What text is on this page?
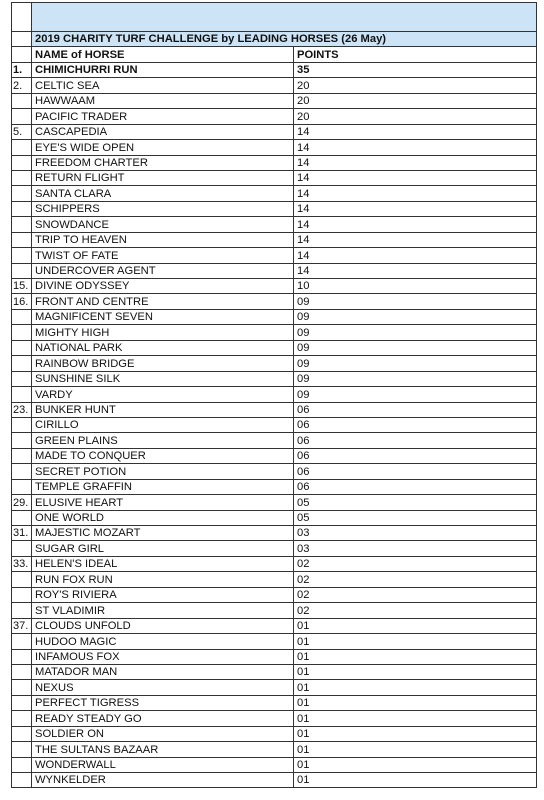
	2019 CHARITY TURF CHALLENGE by LEADING HORSES (26 May)	
	NAME of HORSE	POINTS
1.	CHIMICHURRI RUN	35
2.	CELTIC SEA	20
	HAWWAAM	20
	PACIFIC TRADER	20
5.	CASCAPEDIA	14
	EYE'S WIDE OPEN	14
	FREEDOM CHARTER	14
	RETURN FLIGHT	14
	SANTA CLARA	14
	SCHIPPERS	14
	SNOWDANCE	14
	TRIP TO HEAVEN	14
	TWIST OF FATE	14
	UNDERCOVER AGENT	14
15.	DIVINE ODYSSEY	10
16.	FRONT AND CENTRE	09
	MAGNIFICENT SEVEN	09
	MIGHTY HIGH	09
	NATIONAL PARK	09
	RAINBOW BRIDGE	09
	SUNSHINE SILK	09
	VARDY	09
23.	BUNKER HUNT	06
	CIRILLO	06
	GREEN PLAINS	06
	MADE TO CONQUER	06
	SECRET POTION	06
	TEMPLE GRAFFIN	06
29.	ELUSIVE HEART	05
	ONE WORLD	05
31.	MAJESTIC MOZART	03
	SUGAR GIRL	03
33.	HELEN'S IDEAL	02
	RUN FOX RUN	02
	ROY'S RIVIERA	02
	ST VLADIMIR	02
37.	CLOUDS UNFOLD	01
	HUDOO MAGIC	01
	INFAMOUS FOX	01
	MATADOR MAN	01
	NEXUS	01
	PERFECT TIGRESS	01
	READY STEADY GO	01
	SOLDIER ON	01
	THE SULTANS BAZAAR	01
	WONDERWALL	01
	WYNKELDER	01
